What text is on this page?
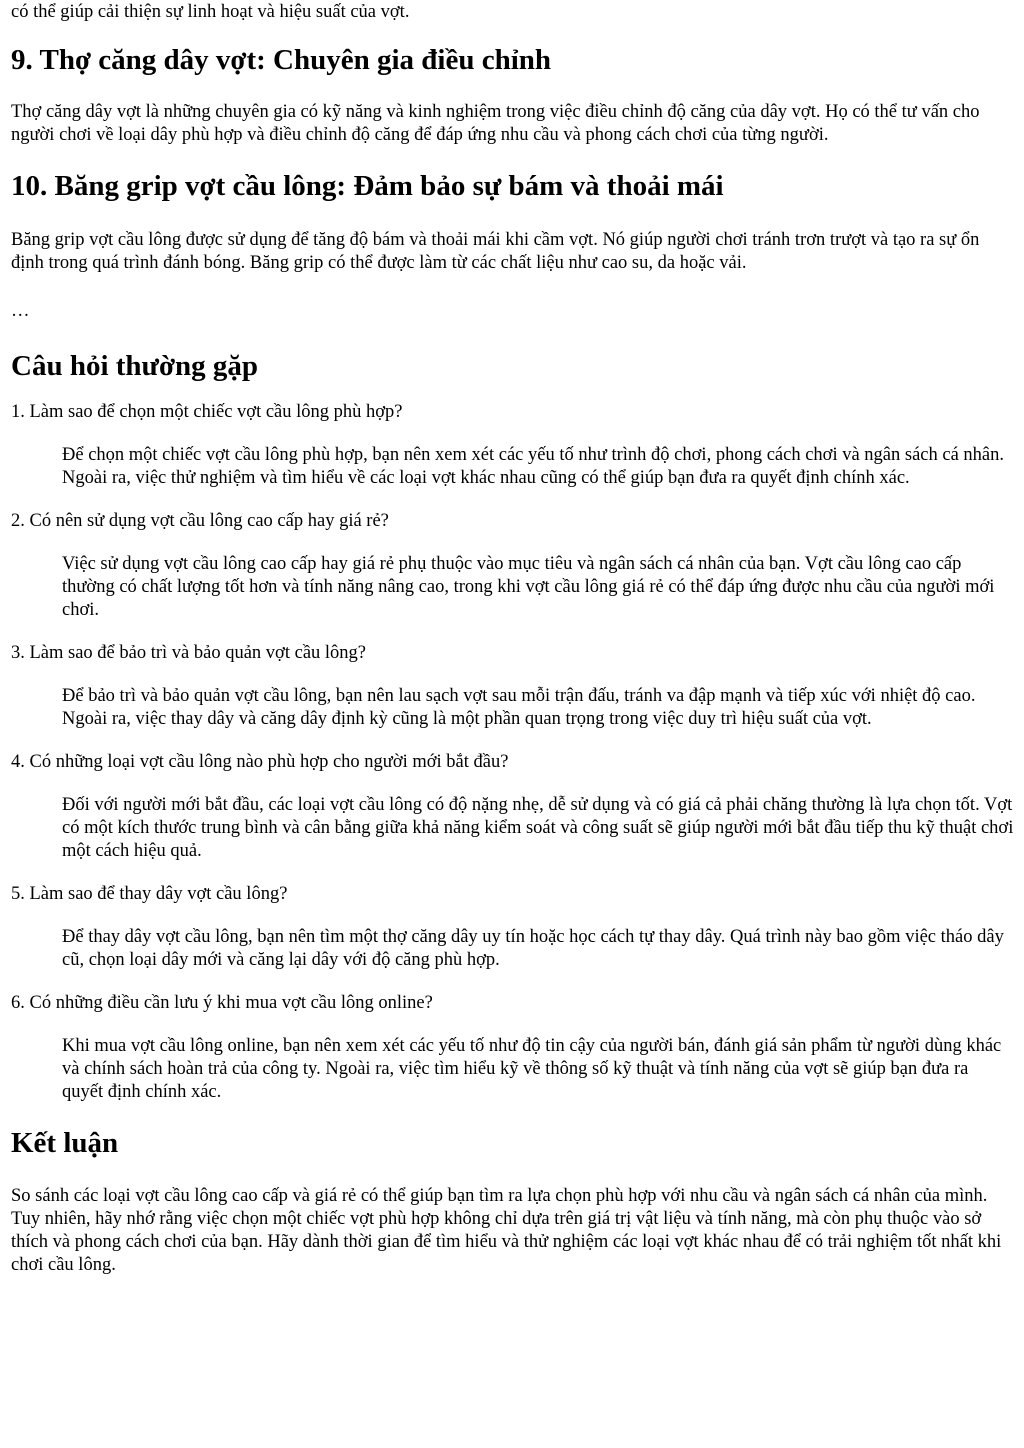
có thể giúp cải thiện sự linh hoạt và hiệu suất của vợt.

9. Thợ căng dây vợt: Chuyên gia điều chỉnh

Thợ căng dây vợt là những chuyên gia có kỹ năng và kinh nghiệm trong việc điều chỉnh độ căng của dây vợt. Họ có thể tư vấn cho người chơi về loại dây phù hợp và điều chỉnh độ căng để đáp ứng nhu cầu và phong cách chơi của từng người.

10. Băng grip vợt cầu lông: Đảm bảo sự bám và thoải mái

Băng grip vợt cầu lông được sử dụng để tăng độ bám và thoải mái khi cầm vợt. Nó giúp người chơi tránh trơn trượt và tạo ra sự ổn định trong quá trình đánh bóng. Băng grip có thể được làm từ các chất liệu như cao su, da hoặc vải.

…

Câu hỏi thường gặp

1. Làm sao để chọn một chiếc vợt cầu lông phù hợp?

Để chọn một chiếc vợt cầu lông phù hợp, bạn nên xem xét các yếu tố như trình độ chơi, phong cách chơi và ngân sách cá nhân. Ngoài ra, việc thử nghiệm và tìm hiểu về các loại vợt khác nhau cũng có thể giúp bạn đưa ra quyết định chính xác.

2. Có nên sử dụng vợt cầu lông cao cấp hay giá rẻ?

Việc sử dụng vợt cầu lông cao cấp hay giá rẻ phụ thuộc vào mục tiêu và ngân sách cá nhân của bạn. Vợt cầu lông cao cấp thường có chất lượng tốt hơn và tính năng nâng cao, trong khi vợt cầu lông giá rẻ có thể đáp ứng được nhu cầu của người mới chơi.

3. Làm sao để bảo trì và bảo quản vợt cầu lông?

Để bảo trì và bảo quản vợt cầu lông, bạn nên lau sạch vợt sau mỗi trận đấu, tránh va đập mạnh và tiếp xúc với nhiệt độ cao. Ngoài ra, việc thay dây và căng dây định kỳ cũng là một phần quan trọng trong việc duy trì hiệu suất của vợt.

4. Có những loại vợt cầu lông nào phù hợp cho người mới bắt đầu?

Đối với người mới bắt đầu, các loại vợt cầu lông có độ nặng nhẹ, dễ sử dụng và có giá cả phải chăng thường là lựa chọn tốt. Vợt có một kích thước trung bình và cân bằng giữa khả năng kiểm soát và công suất sẽ giúp người mới bắt đầu tiếp thu kỹ thuật chơi một cách hiệu quả.

5. Làm sao để thay dây vợt cầu lông?

Để thay dây vợt cầu lông, bạn nên tìm một thợ căng dây uy tín hoặc học cách tự thay dây. Quá trình này bao gồm việc tháo dây cũ, chọn loại dây mới và căng lại dây với độ căng phù hợp.

6. Có những điều cần lưu ý khi mua vợt cầu lông online?

Khi mua vợt cầu lông online, bạn nên xem xét các yếu tố như độ tin cậy của người bán, đánh giá sản phẩm từ người dùng khác và chính sách hoàn trả của công ty. Ngoài ra, việc tìm hiểu kỹ về thông số kỹ thuật và tính năng của vợt sẽ giúp bạn đưa ra quyết định chính xác.

Kết luận

So sánh các loại vợt cầu lông cao cấp và giá rẻ có thể giúp bạn tìm ra lựa chọn phù hợp với nhu cầu và ngân sách cá nhân của mình. Tuy nhiên, hãy nhớ rằng việc chọn một chiếc vợt phù hợp không chỉ dựa trên giá trị vật liệu và tính năng, mà còn phụ thuộc vào sở thích và phong cách chơi của bạn. Hãy dành thời gian để tìm hiểu và thử nghiệm các loại vợt khác nhau để có trải nghiệm tốt nhất khi chơi cầu lông.
